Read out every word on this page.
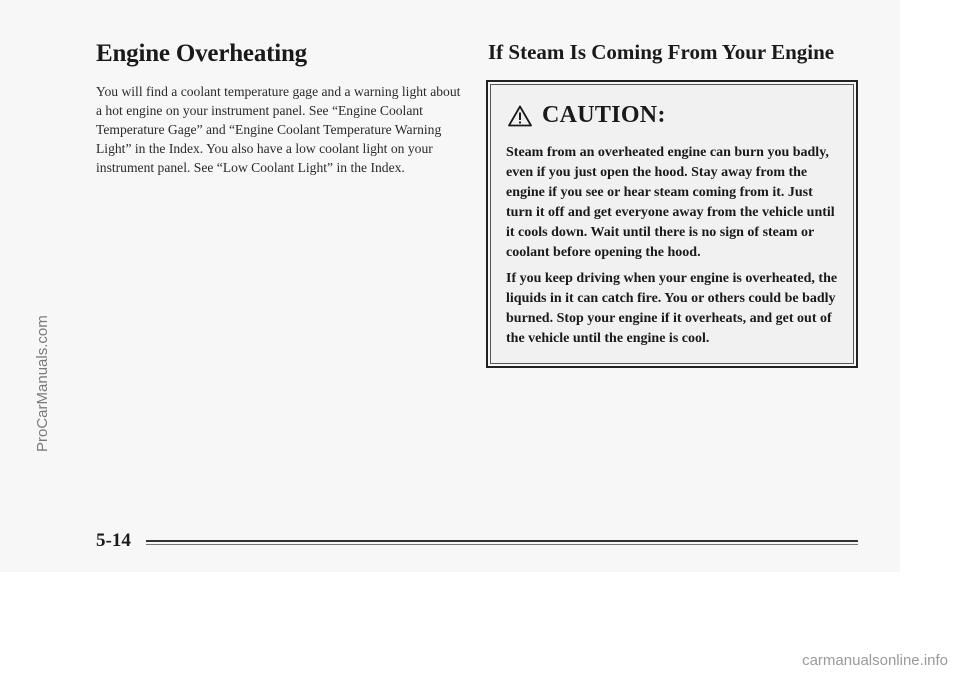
ProCarManuals.com
Engine Overheating

You will find a coolant temperature gage and a warning light about a hot engine on your instrument panel. See “Engine Coolant Temperature Gage” and “Engine Coolant Temperature Warning Light” in the Index. You also have a low coolant light on your instrument panel. See “Low Coolant Light” in the Index.

If Steam Is Coming From Your Engine
CAUTION:

Steam from an overheated engine can burn you badly, even if you just open the hood. Stay away from the engine if you see or hear steam coming from it. Just turn it off and get everyone away from the vehicle until it cools down. Wait until there is no sign of steam or coolant before opening the hood.

If you keep driving when your engine is overheated, the liquids in it can catch fire. You or others could be badly burned. Stop your engine if it overheats, and get out of the vehicle until the engine is cool.

5-14
carmanualsonline.info
